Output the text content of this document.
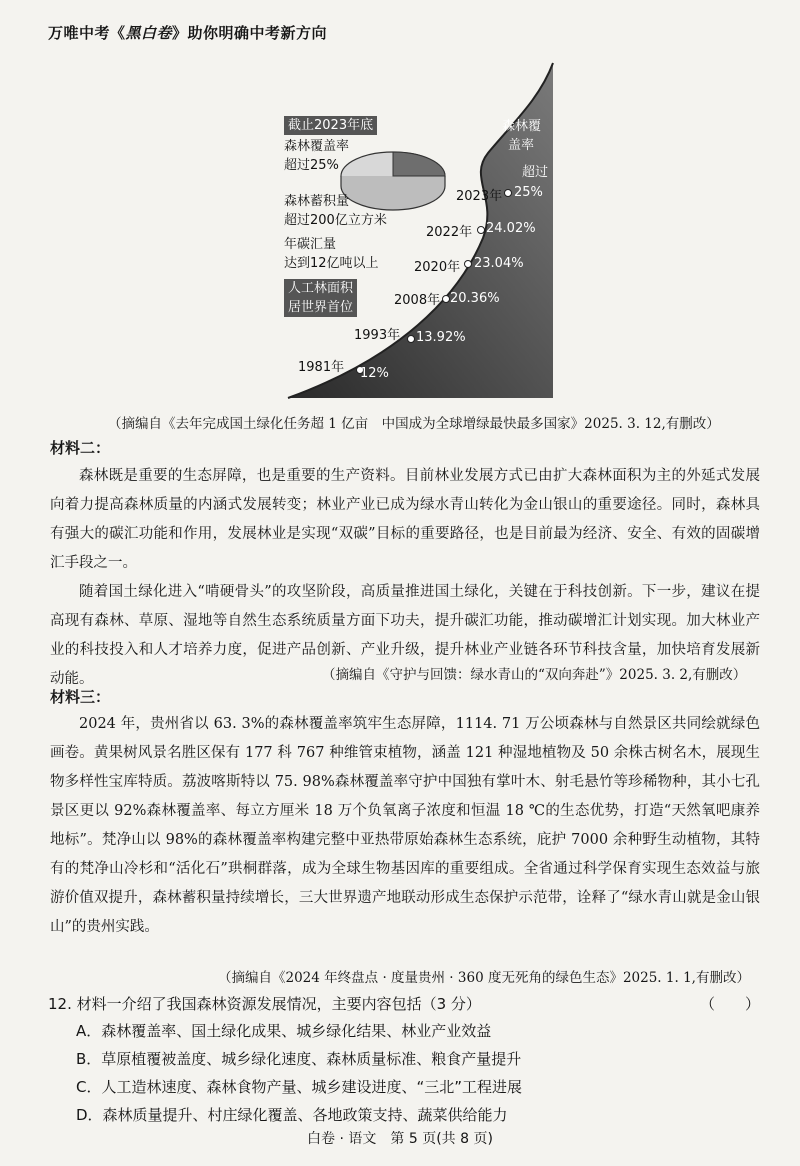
万唯中考《黑白卷》助你明确中考新方向
截止2023年底
森林覆盖率
超过25%
森林蓄积量
超过200亿立方米
年碳汇量
达到12亿吨以上
人工林面积
居世界首位
森林覆
盖率
超过
1981年 12%
1993年 13.92%
2008年 20.36%
2020年 23.04%
2022年 24.02%
2023年 25%
（摘编自《去年完成国土绿化任务超 1 亿亩　中国成为全球增绿最快最多国家》2025. 3. 12,有删改）
材料二：
森林既是重要的生态屏障，也是重要的生产资料。目前林业发展方式已由扩大森林面积为主的外延式发展向着力提高森林质量的内涵式发展转变；林业产业已成为绿水青山转化为金山银山的重要途径。同时，森林具有强大的碳汇功能和作用，发展林业是实现“双碳”目标的重要路径，也是目前最为经济、安全、有效的固碳增汇手段之一。
随着国土绿化进入“啃硬骨头”的攻坚阶段，高质量推进国土绿化，关键在于科技创新。下一步，建议在提高现有森林、草原、湿地等自然生态系统质量方面下功夫，提升碳汇功能，推动碳增汇计划实现。加大林业产业的科技投入和人才培养力度，促进产品创新、产业升级，提升林业产业链各环节科技含量，加快培育发展新动能。	（摘编自《守护与回馈：绿水青山的“双向奔赴”》2025. 3. 2,有删改）
材料三：
2024 年，贵州省以 63. 3%的森林覆盖率筑牢生态屏障，1114. 71 万公顷森林与自然景区共同绘就绿色画卷。黄果树风景名胜区保有 177 科 767 种维管束植物，涵盖 121 种湿地植物及 50 余株古树名木，展现生物多样性宝库特质。荔波喀斯特以 75. 98%森林覆盖率守护中国独有掌叶木、射毛悬竹等珍稀物种，其小七孔景区更以 92%森林覆盖率、每立方厘米 18 万个负氧离子浓度和恒温 18 ℃的生态优势，打造“天然氧吧康养地标”。梵净山以 98%的森林覆盖率构建完整中亚热带原始森林生态系统，庇护 7000 余种野生动植物，其特有的梵净山冷杉和“活化石”珙桐群落，成为全球生物基因库的重要组成。全省通过科学保育实现生态效益与旅游价值双提升，森林蓄积量持续增长，三大世界遗产地联动形成生态保护示范带，诠释了“绿水青山就是金山银山”的贵州实践。
（摘编自《2024 年终盘点 · 度量贵州 · 360 度无死角的绿色生态》2025. 1. 1,有删改）
12. 材料一介绍了我国森林资源发展情况，主要内容包括（3 分）	（　　）
A．森林覆盖率、国土绿化成果、城乡绿化结果、林业产业效益
B．草原植覆被盖度、城乡绿化速度、森林质量标准、粮食产量提升
C．人工造林速度、森林食物产量、城乡建设进度、“三北”工程进展
D．森林质量提升、村庄绿化覆盖、各地政策支持、蔬菜供给能力
白卷 · 语文　第 5 页(共 8 页)
